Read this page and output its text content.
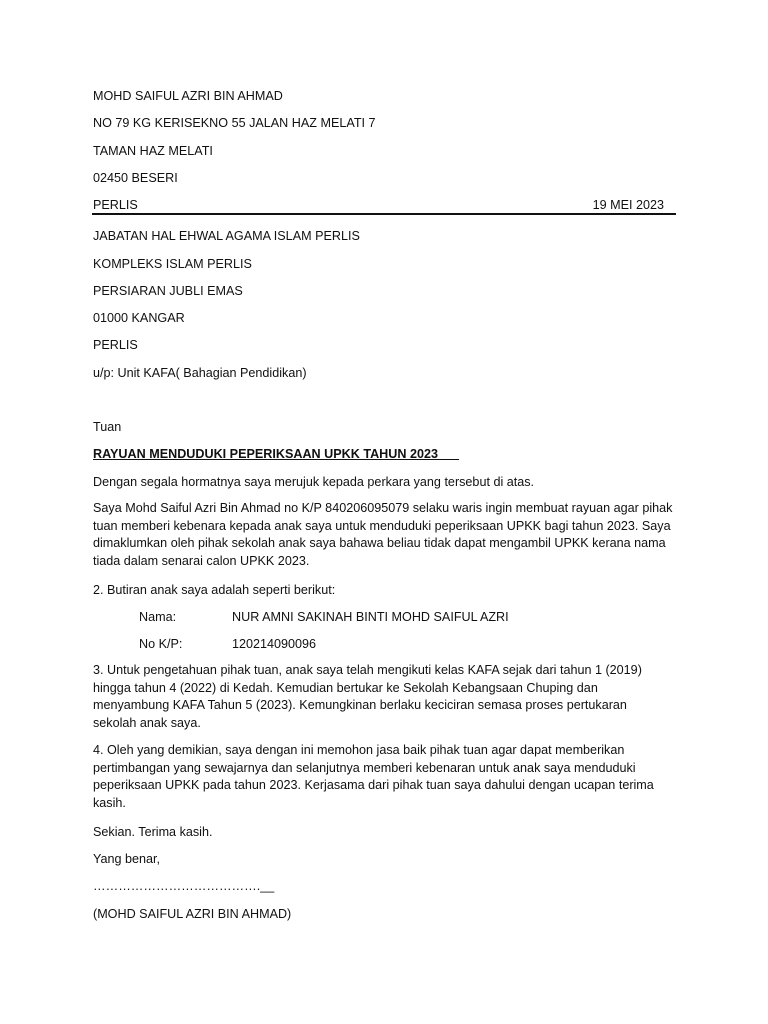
MOHD SAIFUL AZRI BIN AHMAD
NO 79 KG KERISEKNO 55 JALAN HAZ MELATI 7
TAMAN HAZ MELATI
02450 BESERI
PERLIS	19 MEI 2023
JABATAN HAL EHWAL AGAMA ISLAM PERLIS
KOMPLEKS ISLAM PERLIS
PERSIARAN JUBLI EMAS
01000 KANGAR
PERLIS
u/p: Unit KAFA( Bahagian Pendidikan)
Tuan
RAYUAN MENDUDUKI PEPERIKSAAN UPKK TAHUN 2023___
Dengan segala hormatnya saya merujuk kepada perkara yang tersebut di atas.
Saya Mohd Saiful Azri Bin Ahmad no K/P 840206095079 selaku waris ingin membuat rayuan agar pihak tuan memberi kebenara kepada anak saya untuk menduduki peperiksaan UPKK bagi tahun 2023. Saya dimaklumkan oleh pihak sekolah anak saya bahawa beliau tidak dapat mengambil UPKK kerana nama tiada dalam senarai calon UPKK 2023.
2. Butiran anak saya adalah seperti berikut:
Nama:	NUR AMNI SAKINAH BINTI MOHD SAIFUL AZRI
No K/P:	120214090096
3. Untuk pengetahuan pihak tuan, anak saya telah mengikuti kelas KAFA sejak dari tahun 1 (2019) hingga tahun 4 (2022) di Kedah. Kemudian bertukar ke Sekolah Kebangsaan Chuping dan menyambung KAFA Tahun 5 (2023). Kemungkinan berlaku keciciran semasa proses pertukaran sekolah anak saya.
4. Oleh yang demikian, saya dengan ini memohon jasa baik pihak tuan agar dapat memberikan pertimbangan yang sewajarnya dan selanjutnya memberi kebenaran untuk anak saya menduduki peperiksaan UPKK pada tahun 2023. Kerjasama dari pihak tuan saya dahului dengan ucapan terima kasih.
Sekian. Terima kasih.
Yang benar,
………………………………….__
(MOHD SAIFUL AZRI BIN AHMAD)
